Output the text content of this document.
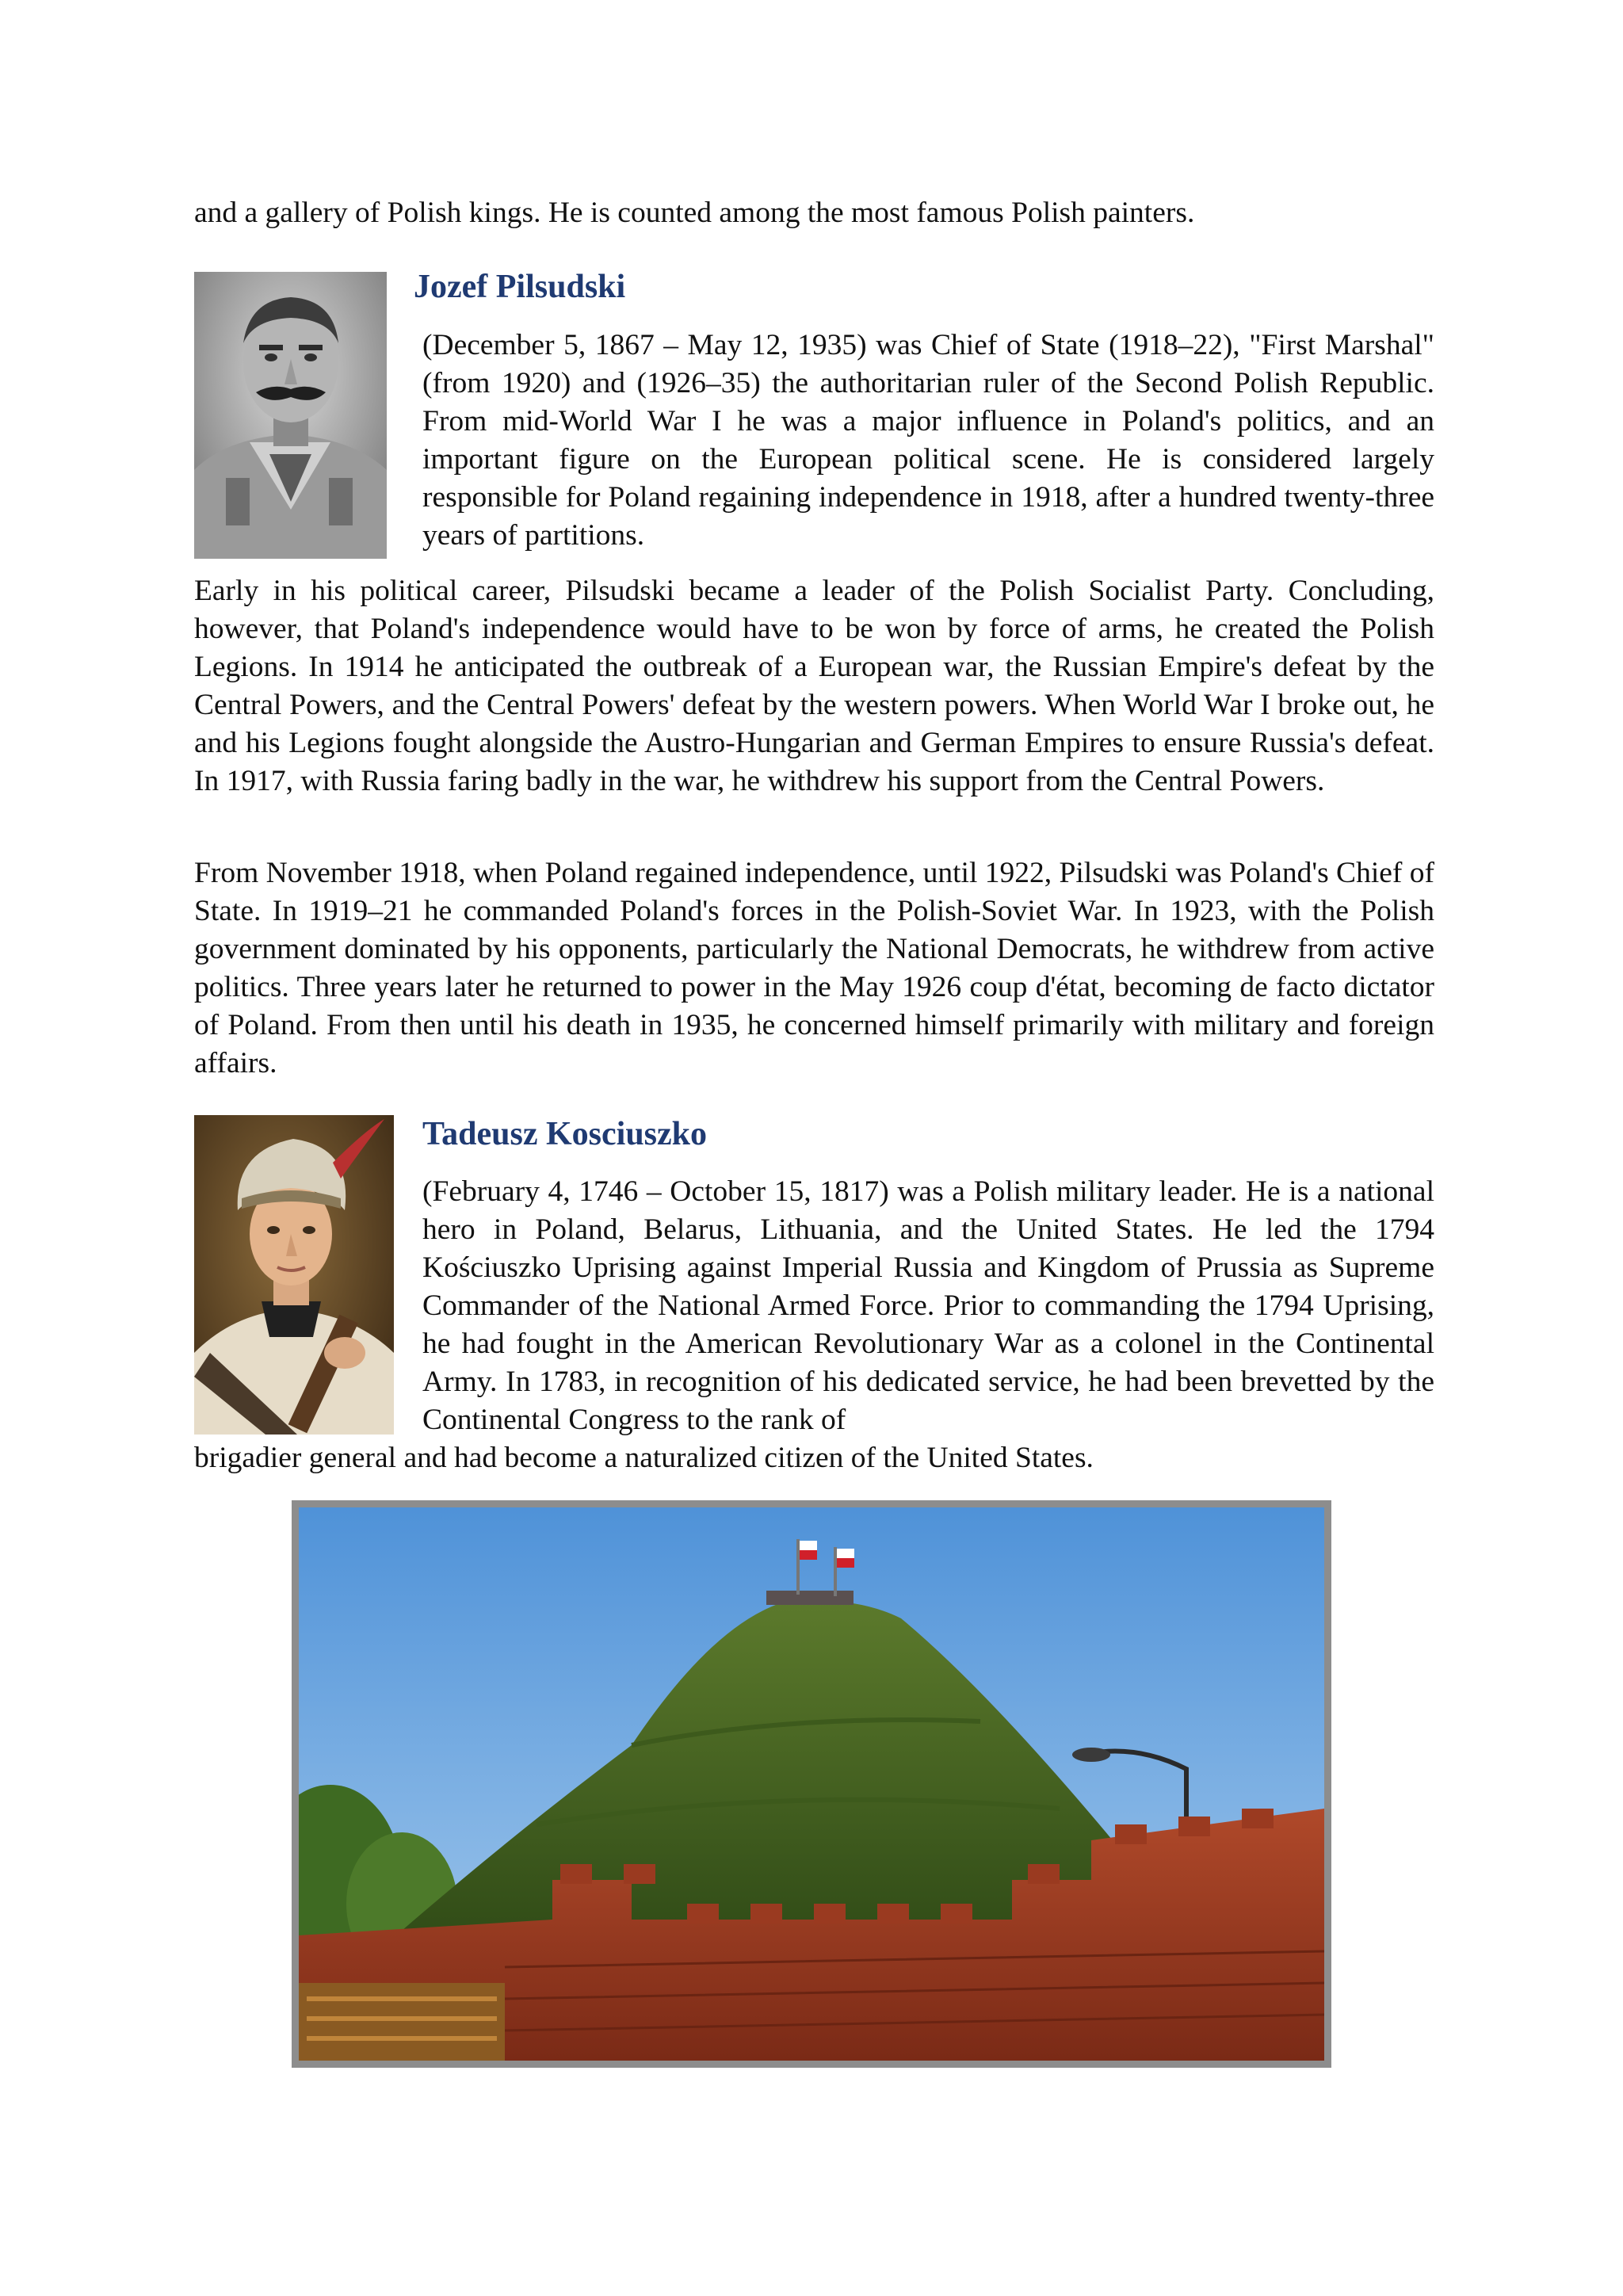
and a gallery of Polish kings. He is counted among the most famous Polish painters.

Jozef Pilsudski

(December 5, 1867 – May 12, 1935) was Chief of State (1918–22), "First Marshal" (from 1920) and (1926–35) the authoritarian ruler of the Second Polish Republic. From mid-World War I he was a major influence in Poland's politics, and an important figure on the European political scene. He is considered largely responsible for Poland regaining independence in 1918, after a hundred twenty-three years of partitions.

Early in his political career, Pilsudski became a leader of the Polish Socialist Party. Concluding, however, that Poland's independence would have to be won by force of arms, he created the Polish Legions. In 1914 he anticipated the outbreak of a European war, the Russian Empire's defeat by the Central Powers, and the Central Powers' defeat by the western powers. When World War I broke out, he and his Legions fought alongside the Austro-Hungarian and German Empires to ensure Russia's defeat. In 1917, with Russia faring badly in the war, he withdrew his support from the Central Powers.

From November 1918, when Poland regained independence, until 1922, Pilsudski was Poland's Chief of State. In 1919–21 he commanded Poland's forces in the Polish-Soviet War. In 1923, with the Polish government dominated by his opponents, particularly the National Democrats, he withdrew from active politics. Three years later he returned to power in the May 1926 coup d'état, becoming de facto dictator of Poland. From then until his death in 1935, he concerned himself primarily with military and foreign affairs.

Tadeusz Kosciuszko

(February 4, 1746 – October 15, 1817) was a Polish military leader. He is a national hero in Poland, Belarus, Lithuania, and the United States. He led the 1794 Kościuszko Uprising against Imperial Russia and Kingdom of Prussia as Supreme Commander of the National Armed Force. Prior to commanding the 1794 Uprising, he had fought in the American Revolutionary War as a colonel in the Continental Army. In 1783, in recognition of his dedicated service, he had been brevetted by the Continental Congress to the rank of

brigadier general and had become a naturalized citizen of the United States.
